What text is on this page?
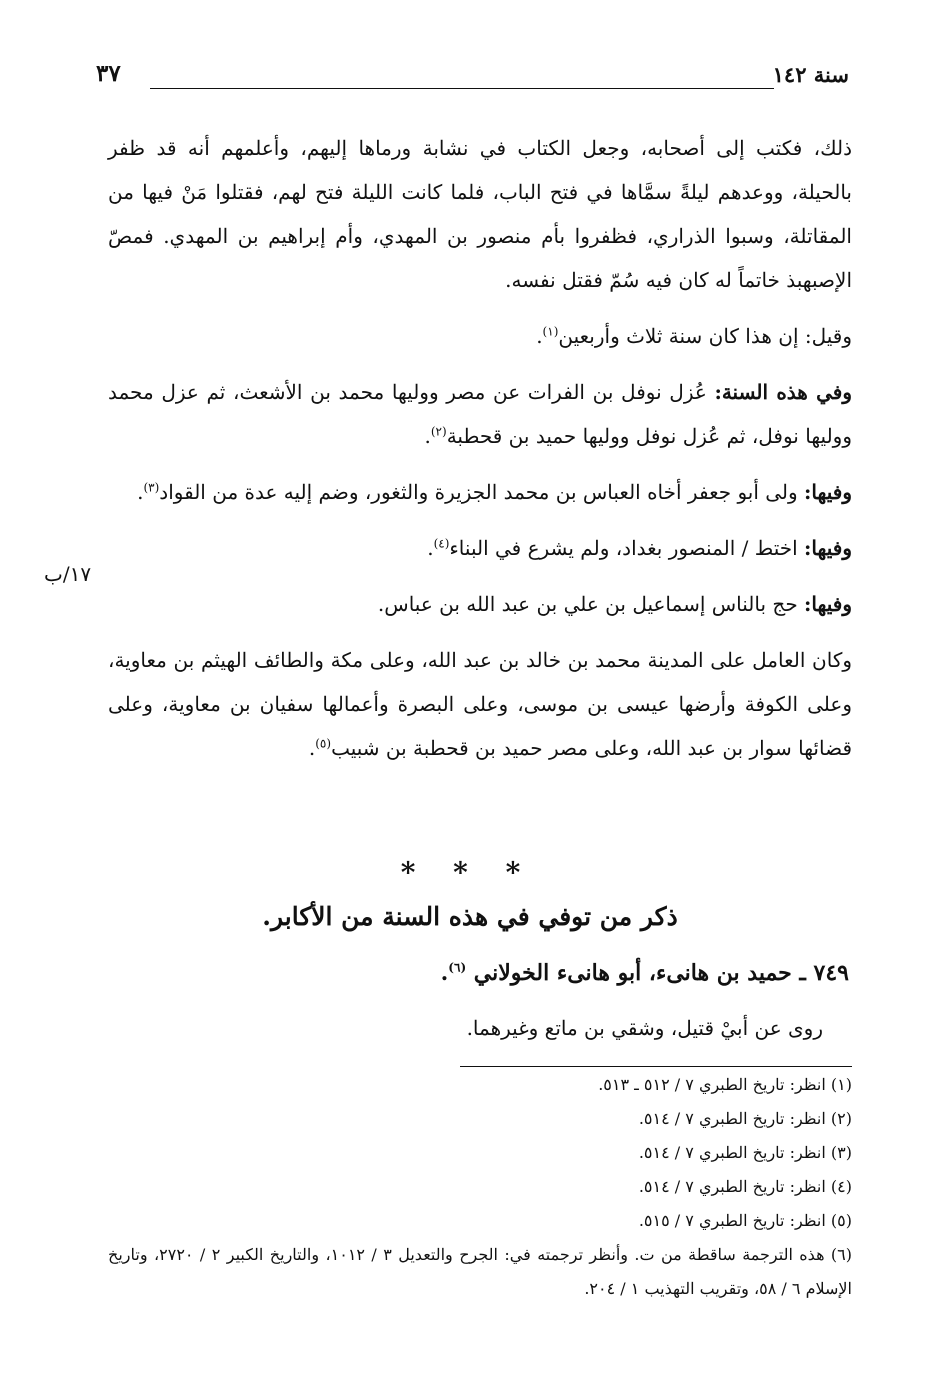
سنة ١٤٢
٣٧

ذلك، فكتب إلى أصحابه، وجعل الكتاب في نشابة ورماها إليهم، وأعلمهم أنه قد ظفر بالحيلة، ووعدهم ليلةً سمَّاها في فتح الباب، فلما كانت الليلة فتح لهم، فقتلوا مَنْ فيها من المقاتلة، وسبوا الذراري، فظفروا بأم منصور بن المهدي، وأم إبراهيم بن المهدي. فمصّ الإصبهبذ خاتماً له كان فيه سُمّ فقتل نفسه.

وقيل: إن هذا كان سنة ثلاث وأربعين$^{(١)}$.

وفي هذه السنة: عُزل نوفل بن الفرات عن مصر ووليها محمد بن الأشعث، ثم عزل محمد ووليها نوفل، ثم عُزل نوفل ووليها حميد بن قحطبة$^{(٢)}$.

وفيها: ولى أبو جعفر أخاه العباس بن محمد الجزيرة والثغور، وضم إليه عدة من القواد$^{(٣)}$.

وفيها: اختط / المنصور بغداد، ولم يشرع في البناء$^{(٤)}$.

وفيها: حج بالناس إسماعيل بن علي بن عبد الله بن عباس.

وكان العامل على المدينة محمد بن خالد بن عبد الله، وعلى مكة والطائف الهيثم بن معاوية، وعلى الكوفة وأرضها عيسى بن موسى، وعلى البصرة وأعمالها سفيان بن معاوية، وعلى قضائها سوار بن عبد الله، وعلى مصر حميد بن قحطبة بن شبيب$^{(٥)}$.

١٧/ب
* * *
ذكر من توفي في هذه السنة من الأكابر.
٧٤٩ ـ حميد بن هانىء، أبو هانىء الخولاني $^{(٦)}$.
روى عن أبيْ قتيل، وشقي بن ماتع وغيرهما.
(١) انظر: تاريخ الطبري ٧ / ٥١٢ ـ ٥١٣.
(٢) انظر: تاريخ الطبري ٧ / ٥١٤.
(٣) انظر: تاريخ الطبري ٧ / ٥١٤.
(٤) انظر: تاريخ الطبري ٧ / ٥١٤.
(٥) انظر: تاريخ الطبري ٧ / ٥١٥.
(٦) هذه الترجمة ساقطة من ت. وأنظر ترجمته في: الجرح والتعديل ٣ / ١٠١٢، والتاريخ الكبير ٢ / ٢٧٢٠، وتاريخ الإسلام ٦ / ٥٨، وتقريب التهذيب ١ / ٢٠٤.
